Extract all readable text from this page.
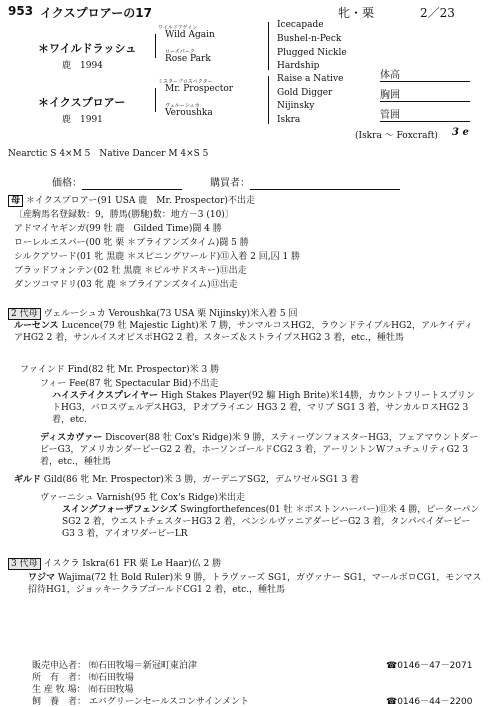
953 イクスプロアーの17	牝・栗	2／23
＊ワイルドラッシュ
鹿　1994
＊イクスプロアー
鹿　1991
ワイルドアゲイン
Wild Again
ローズパーク
Rose Park
ミスタープロスペクター
Mr. Prospector
ヴェルーシュカ
Veroushka
Icecapade
Bushel-n-Peck
Plugged Nickle
Hardship
Raise a Native
Gold Digger
Nijinsky
Iskra
体高
胸囲
管囲
(Iskra ～ Foxcraft) 3 e
Nearctic S 4×M 5　Native Dancer M 4×S 5
価格：	購買者：
母 ＊イクスプロアー(91 USA 鹿　Mr. Prospector)不出走
〔産駒馬名登録数：9，勝馬(勝馳)数：地方－3 (10)〕
アドマイヤギンガ(99 牡 鹿　Gilded Time)闘 4 勝
ローレルエスパー(00 牝 栗 ＊ブライアンズタイム)闘 5 勝
シルクアワード(01 牝 黒鹿 ＊スピニングワールド)⑪入着 2 回,囚 1 勝
ブラッドフォンテン(02 牡 黒鹿 ＊ピルサドスキー)⑪出走
ダンツコマドリ(03 牝 鹿 ＊ブライアンズタイム)⑪出走
2 代母 ヴェルーシュカ Veroushka(73 USA 栗 Nijinsky)米入着 5 回
ルーセンス Lucence(79 牡 Majestic Light)米 7 勝，サンマルコスHG2，ラウンドテイブルHG2，アルケイディアHG2 2 着，サンルイスオビスポHG2 2 着，スターズ＆ストライプスHG2 3 着，etc.，種牡馬
ファインド Find(82 牝 Mr. Prospector)米 3 勝
フィー Fee(87 牝 Spectacular Bid)不出走
ハイステイクスプレイヤー High Stakes Player(92 騸 High Brite)米14勝，カウントフリートスプリントHG3，バロスヴェルデスHG3，Ｐオブライエン HG3 2 着，マリブ SG1 3 着，サンカルロスHG2 3 着，etc.
ディスカヴァー Discover(88 牡 Cox's Ridge)米 9 勝，スティーヴンフォスターHG3，フェアマウントダービーG3，アメリカンダービーG2 2 着，ホーソンゴールドCG2 3 着，アーリントンWフュチュリティG2 3 着，etc.，種牡馬
ギルド Gild(86 牝 Mr. Prospector)米 3 勝，ガーデニアSG2，デムワゼルSG1 3 着
ヴァーニシュ Varnish(95 牝 Cox's Ridge)米出走
スイングフォーザフェンシズ Swingforthefences(01 牡 ＊ボストンハーバー)⑪米 4 勝，ピーターパンSG2 2 着，ウエストチェスターHG3 2 着，ベンシルヴァニアダービーG2 3 着，タンパベイダービーG3 3 着，アイオワダービーLR
3 代母 イスクラ Iskra(61 FR 栗 Le Haar)仏 2 勝
ワジマ Wajima(72 牡 Bold Ruler)米 9 勝，トラヴァーズ SG1，ガヴァナー SG1，マールボロCG1，モンマス招待HG1，ジョッキークラブゴールドCG1 2 着，etc.，種牡馬
販売申込者： ㈲石田牧場＝新冠町東泊津	☎0146－47－2071
所　有　者： ㈲石田牧場
生 産 牧 場： ㈲石田牧場
飼　養　者： エバグリーンセールスコンサインメント	☎0146－44－2200
